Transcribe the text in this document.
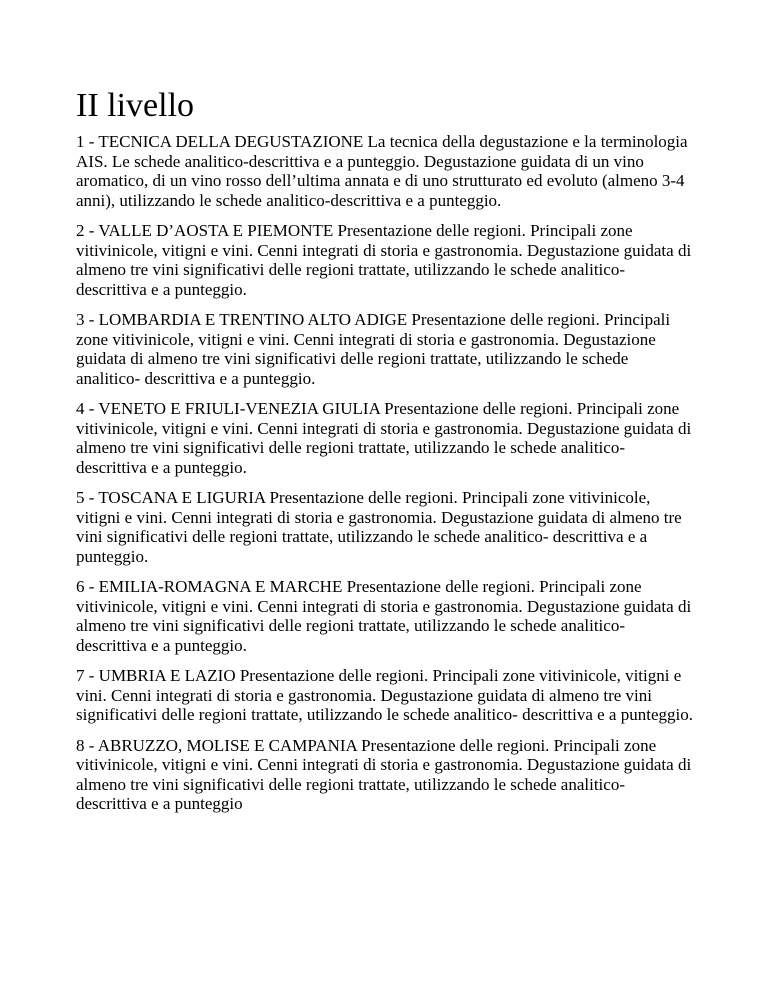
II livello

1 - TECNICA DELLA DEGUSTAZIONE La tecnica della degustazione e la terminologia AIS. Le schede analitico-descrittiva e a punteggio. Degustazione guidata di un vino aromatico, di un vino rosso dell’ultima annata e di uno strutturato ed evoluto (almeno 3-4 anni), utilizzando le schede analitico-descrittiva e a punteggio.

2 - VALLE D’AOSTA E PIEMONTE Presentazione delle regioni. Principali zone vitivinicole, vitigni e vini. Cenni integrati di storia e gastronomia. Degustazione guidata di almeno tre vini significativi delle regioni trattate, utilizzando le schede analitico- descrittiva e a punteggio.

3 - LOMBARDIA E TRENTINO ALTO ADIGE Presentazione delle regioni. Principali zone vitivinicole, vitigni e vini. Cenni integrati di storia e gastronomia. Degustazione guidata di almeno tre vini significativi delle regioni trattate, utilizzando le schede analitico- descrittiva e a punteggio.

4 - VENETO E FRIULI-VENEZIA GIULIA Presentazione delle regioni. Principali zone vitivinicole, vitigni e vini. Cenni integrati di storia e gastronomia. Degustazione guidata di almeno tre vini significativi delle regioni trattate, utilizzando le schede analitico- descrittiva e a punteggio.

5 - TOSCANA E LIGURIA Presentazione delle regioni. Principali zone vitivinicole, vitigni e vini. Cenni integrati di storia e gastronomia. Degustazione guidata di almeno tre vini significativi delle regioni trattate, utilizzando le schede analitico- descrittiva e a punteggio.

6 - EMILIA-ROMAGNA E MARCHE Presentazione delle regioni. Principali zone vitivinicole, vitigni e vini. Cenni integrati di storia e gastronomia. Degustazione guidata di almeno tre vini significativi delle regioni trattate, utilizzando le schede analitico- descrittiva e a punteggio.

7 - UMBRIA E LAZIO Presentazione delle regioni. Principali zone vitivinicole, vitigni e vini. Cenni integrati di storia e gastronomia. Degustazione guidata di almeno tre vini significativi delle regioni trattate, utilizzando le schede analitico- descrittiva e a punteggio.

8 - ABRUZZO, MOLISE E CAMPANIA Presentazione delle regioni. Principali zone vitivinicole, vitigni e vini. Cenni integrati di storia e gastronomia. Degustazione guidata di almeno tre vini significativi delle regioni trattate, utilizzando le schede analitico- descrittiva e a punteggio
